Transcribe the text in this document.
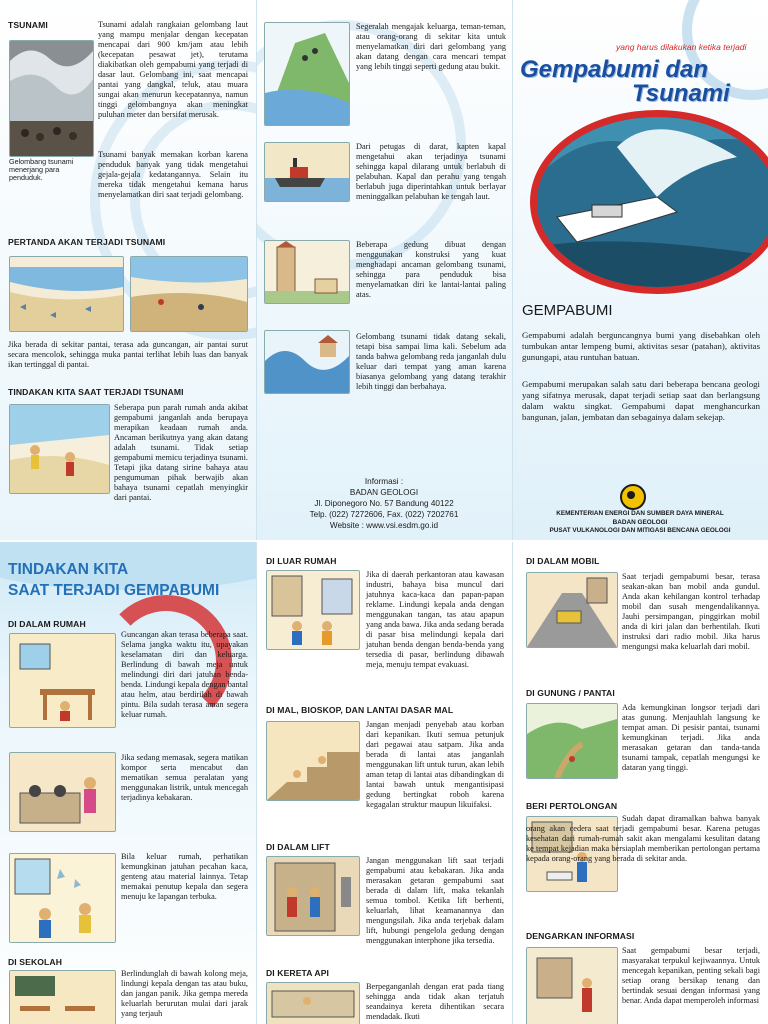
TSUNAMI
Gelombang tsunami menerjang para penduduk.
Tsunami adalah rangkaian gelombang laut yang mampu menjalar dengan kecepatan mencapai dari 900 km/jam atau lebih (kecepatan pesawat jet), terutama diakibatkan oleh gempabumi yang terjadi di dasar laut. Gelombang ini, saat mencapai pantai yang dangkal, teluk, atau muara sungai akan menurun kecepatannya, namun tinggi gelombangnya akan meningkat puluhan meter dan bersifat merusak.
Tsunami banyak memakan korban karena penduduk banyak yang tidak mengetahui gejala-gejala kedatangannya. Selain itu mereka tidak mengetahui kemana harus menyelamatkan diri saat terjadi gelombang.
PERTANDA AKAN TERJADI TSUNAMI
Jika berada di sekitar pantai, terasa ada guncangan, air pantai surut secara mencolok, sehingga muka pantai terlihat lebih luas dan banyak ikan tertinggal di pantai.
TINDAKAN KITA SAAT TERJADI TSUNAMI
Seberapa pun parah rumah anda akibat gempabumi janganlah anda berupaya merapikan keadaan rumah anda. Ancaman berikutnya yang akan datang adalah tsunami. Tidak setiap gempabumi memicu terjadinya tsunami. Tetapi jika datang sirine bahaya atau pengumuman pihak berwajib akan bahaya tsunami cepatlah menyingkir dari pantai.
Segeralah mengajak keluarga, teman-teman, atau orang-orang di sekitar kita untuk menyelamatkan diri dari gelombang yang akan datang dengan cara mencari tempat yang lebih tinggi seperti gedung atau bukit.
Dari petugas di darat, kapten kapal mengetahui akan terjadinya tsunami sehingga kapal dilarang untuk berlabuh di pelabuhan. Kapal dan perahu yang tengah berlabuh juga diperintahkan untuk berlayar meninggalkan pelabuhan ke tengah laut.
Beberapa gedung dibuat dengan menggunakan konstruksi yang kuat menghadapi ancaman gelombang tsunami, sehingga para penduduk bisa menyelamatkan diri ke lantai-lantai paling atas.
Gelombang tsunami tidak datang sekali, tetapi bisa sampai lima kali. Sebelum ada tanda bahwa gelombang reda janganlah dulu keluar dari tempat yang aman karena biasanya gelombang yang datang terakhir lebih tinggi dan berbahaya.
Informasi :
BADAN GEOLOGI
Jl. Diponegoro No. 57 Bandung 40122
Telp. (022) 7272606, Fax. (022) 7202761
Website : www.vsi.esdm.go.id
yang harus dilakukan ketika terjadi
Gempabumi dan
Tsunami
GEMPABUMI
Gempabumi adalah berguncangnya bumi yang disebabkan oleh tumbukan antar lempeng bumi, aktivitas sesar (patahan), aktivitas gunungapi, atau runtuhan batuan.
Gempabumi merupakan salah satu dari beberapa bencana geologi yang sifatnya merusak, dapat terjadi setiap saat dan berlangsung dalam waktu singkat. Gempabumi dapat menghancurkan bangunan, jalan, jembatan dan sebagainya dalam sekejap.
KEMENTERIAN ENERGI DAN SUMBER DAYA MINERAL
BADAN GEOLOGI
PUSAT VULKANOLOGI DAN MITIGASI BENCANA GEOLOGI
TINDAKAN KITA
SAAT TERJADI GEMPABUMI
DI DALAM RUMAH
Guncangan akan terasa beberapa saat. Selama jangka waktu itu, upayakan keselamatan diri dan keluarga. Berlindung di bawah meja untuk melindungi diri dari jatuhan benda-benda. Lindungi kepala dengan bantal atau helm, atau berdirilah di bawah pintu. Bila sudah terasa aman segera keluar rumah.
Jika sedang memasak, segera matikan kompor serta mencabut dan mematikan semua peralatan yang menggunakan listrik, untuk mencegah terjadinya kebakaran.
Bila keluar rumah, perhatikan kemungkinan jatuhan pecahan kaca, genteng atau material lainnya. Tetap memakai penutup kepala dan segera menuju ke lapangan terbuka.
DI SEKOLAH
Berlindunglah di bawah kolong meja, lindungi kepala dengan tas atau buku, dan jangan panik. Jika gempa mereda keluarlah berurutan mulai dari jarak yang terjauh
DI LUAR RUMAH
Jika di daerah perkantoran atau kawasan industri, bahaya bisa muncul dari jatuhnya kaca-kaca dan papan-papan reklame. Lindungi kepala anda dengan menggunakan tangan, tas atau apapun yang anda bawa. Jika anda sedang berada di pasar bisa melindungi kepala dari jatuhan benda dengan benda-benda yang tersedia di pasar, berlindung dibawah meja, menuju tempat evakuasi.
DI MAL, BIOSKOP, DAN LANTAI DASAR MAL
Jangan menjadi penyebab atau korban dari kepanikan. Ikuti semua petunjuk dari pegawai atau satpam. Jika anda berada di lantai atas janganlah menggunakan lift untuk turun, akan lebih aman tetap di lantai atas dibandingkan di lantai bawah untuk mengantisipasi gedung bertingkat roboh karena kegagalan struktur maupun likuifaksi.
DI DALAM LIFT
Jangan menggunakan lift saat terjadi gempabumi atau kebakaran. Jika anda merasakan getaran gempabumi saat berada di dalam lift, maka tekanlah semua tombol. Ketika lift berhenti, keluarlah, lihat keamanannya dan mengungsilah. Jika anda terjebak dalam lift, hubungi pengelola gedung dengan menggunakan interphone jika tersedia.
DI KERETA API
Berpeganganlah dengan erat pada tiang sehingga anda tidak akan terjatuh seandainya kereta dihentikan secara mendadak. Ikuti
DI DALAM MOBIL
Saat terjadi gempabumi besar, terasa seakan-akan ban mobil anda gundul. Anda akan kehilangan kontrol terhadap mobil dan susah mengendalikannya. Jauhi persimpangan, pinggirkan mobil anda di kiri jalan dan berhentilah. Ikuti instruksi dari radio mobil. Jika harus mengungsi maka keluarlah dari mobil.
DI GUNUNG / PANTAI
Ada kemungkinan longsor terjadi dari atas gunung. Menjauhlah langsung ke tempat aman. Di pesisir pantai, tsunami kemungkinan terjadi. Jika anda merasakan getaran dan tanda-tanda tsunami tampak, cepatlah mengungsi ke dataran yang tinggi.
BERI PERTOLONGAN
Sudah dapat diramalkan bahwa banyak orang akan cedera saat terjadi gempabumi besar. Karena petugas kesehatan dari rumah-rumah sakit akan mengalami kesulitan datang ke tempat kejadian maka bersiaplah memberikan pertolongan pertama kepada orang-orang yang berada di sekitar anda.
DENGARKAN INFORMASI
Saat gempabumi besar terjadi, masyarakat terpukul kejiwaannya. Untuk mencegah kepanikan, penting sekali bagi setiap orang bersikap tenang dan bertindak sesuai dengan informasi yang benar. Anda dapat memperoleh informasi
